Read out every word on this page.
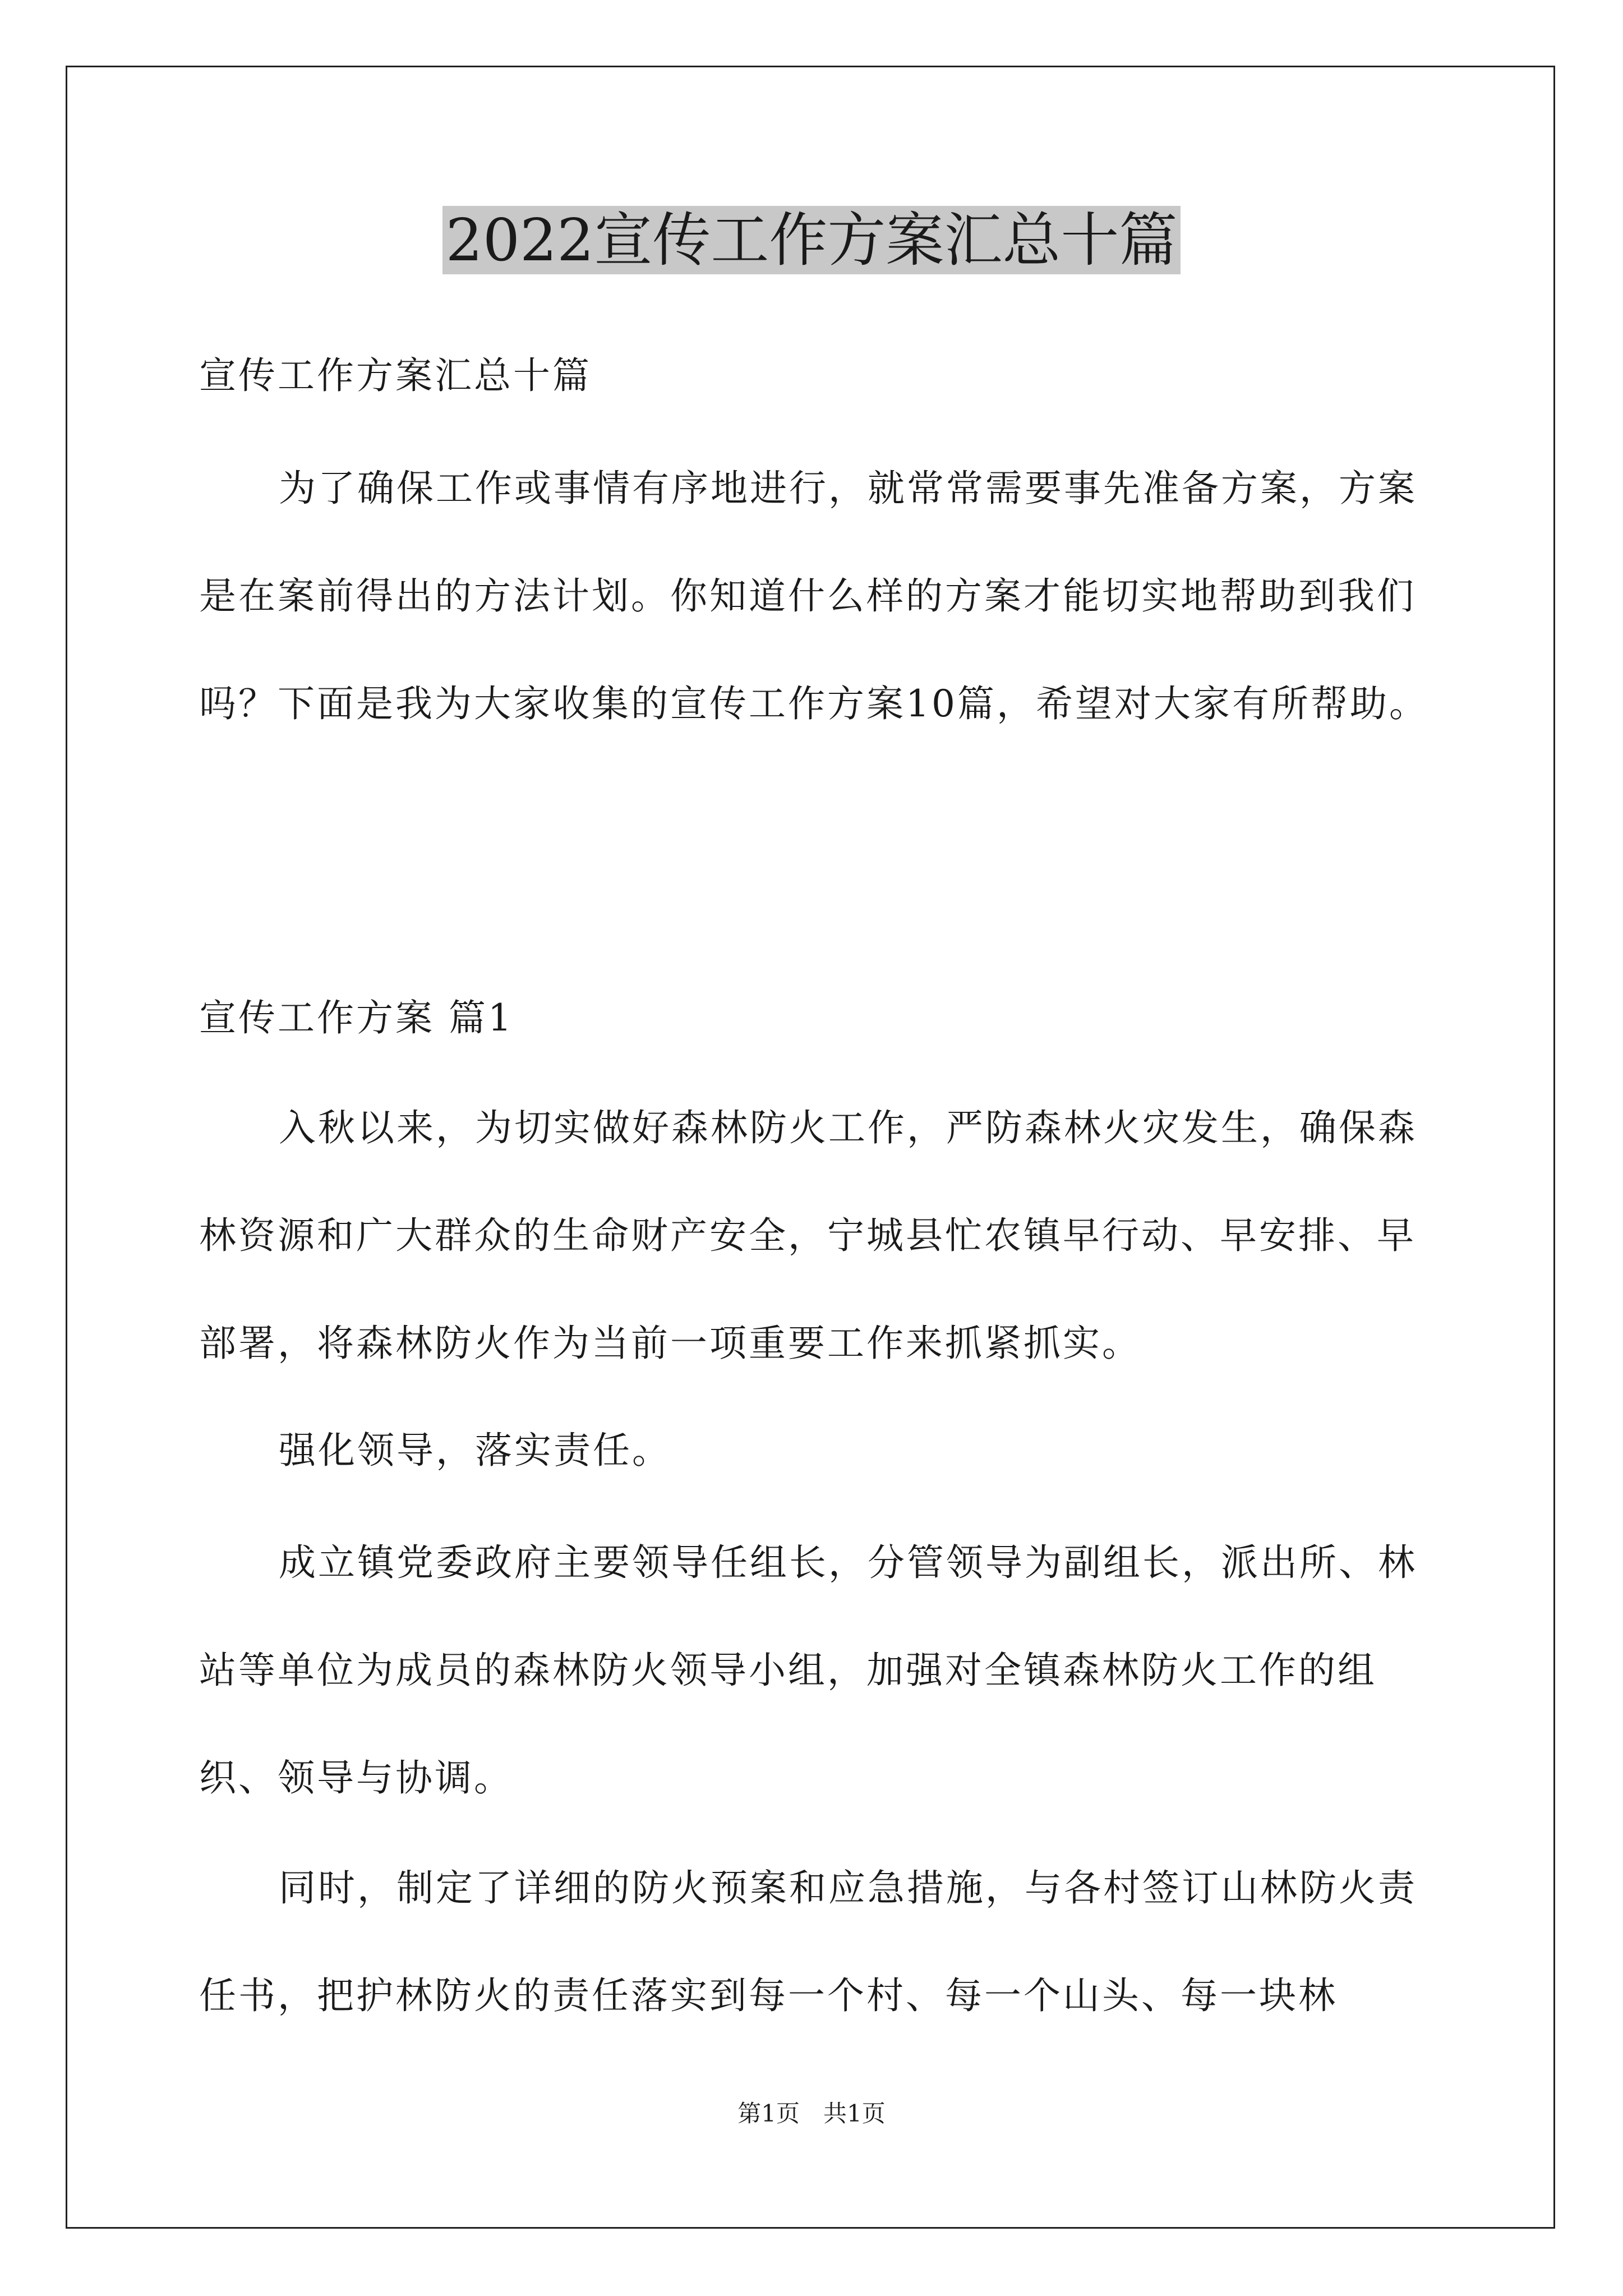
2022宣传工作方案汇总十篇
宣传工作方案汇总十篇
为了确保工作或事情有序地进行，就常常需要事先准备方案，方案是在案前得出的方法计划。你知道什么样的方案才能切实地帮助到我们吗？下面是我为大家收集的宣传工作方案10篇，希望对大家有所帮助。
宣传工作方案 篇1
入秋以来，为切实做好森林防火工作，严防森林火灾发生，确保森林资源和广大群众的生命财产安全，宁城县忙农镇早行动、早安排、早部署，将森林防火作为当前一项重要工作来抓紧抓实。
强化领导，落实责任。
成立镇党委政府主要领导任组长，分管领导为副组长，派出所、林站等单位为成员的森林防火领导小组，加强对全镇森林防火工作的组织、领导与协调。
同时，制定了详细的防火预案和应急措施，与各村签订山林防火责任书，把护林防火的责任落实到每一个村、每一个山头、每一块林
第1页　共1页
